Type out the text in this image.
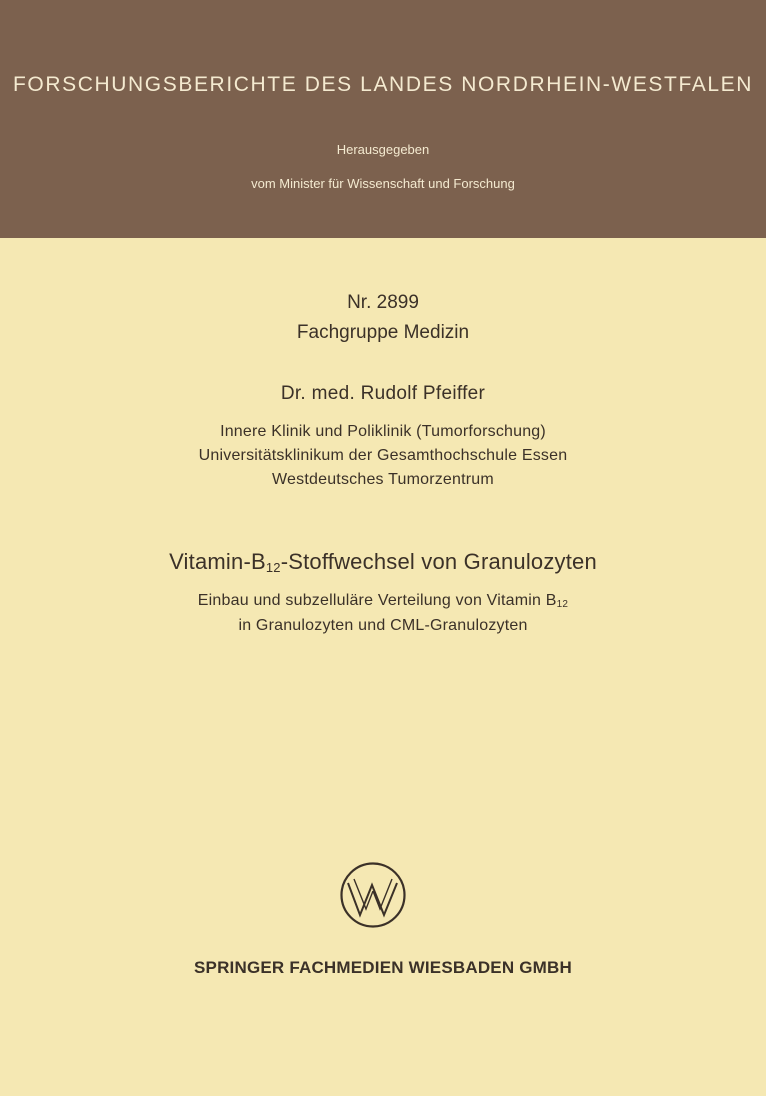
FORSCHUNGSBERICHTE DES LANDES NORDRHEIN-WESTFALEN
Herausgegeben
vom Minister für Wissenschaft und Forschung
Nr. 2899
Fachgruppe Medizin
Dr. med. Rudolf Pfeiffer
Innere Klinik und Poliklinik (Tumorforschung)
Universitätsklinikum der Gesamthochschule Essen
Westdeutsches Tumorzentrum
Vitamin-$B_{12}$-Stoffwechsel von Granulozyten
Einbau und subzelluläre Verteilung von Vitamin $B_{12}$
in Granulozyten und CML-Granulozyten
SPRINGER FACHMEDIEN WIESBADEN GMBH
